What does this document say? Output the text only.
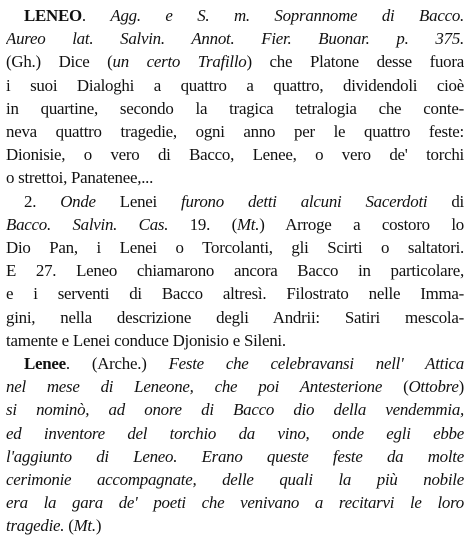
LENEO. Agg. e S. m. Soprannome di Bacco.
Aureo lat. Salvin. Annot. Fier. Buonar. p. 375.
(Gh.) Dice (un certo Trafillo) che Platone desse fuora
i suoi Dialoghi a quattro a quattro, dividendoli cioè
in quartine, secondo la tragica tetralogia che conte-
neva quattro tragedie, ogni anno per le quattro feste:
Dionisie, o vero di Bacco, Lenee, o vero de' torchi
o strettoi, Panatenee,...
2. Onde Lenei furono detti alcuni Sacerdoti di
Bacco. Salvin. Cas. 19. (Mt.) Arroge a costoro lo
Dio Pan, i Lenei o Torcolanti, gli Scirti o saltatori.
E 27. Leneo chiamarono ancora Bacco in particolare,
e i serventi di Bacco altresì. Filostrato nelle Imma-
gini, nella descrizione degli Andrii: Satiri mescola-
tamente e Lenei conduce Djonisio e Sileni.
Lenee. (Arche.) Feste che celebravansi nell' Attica
nel mese di Leneone, che poi Antesterione (Ottobre)
si nominò, ad onore di Bacco dio della vendemmia,
ed inventore del torchio da vino, onde egli ebbe
l'aggiunto di Leneo. Erano queste feste da molte
cerimonie accompagnate, delle quali la più nobile
era la gara de' poeti che venivano a recitarvi le loro
tragedie. (Mt.)
